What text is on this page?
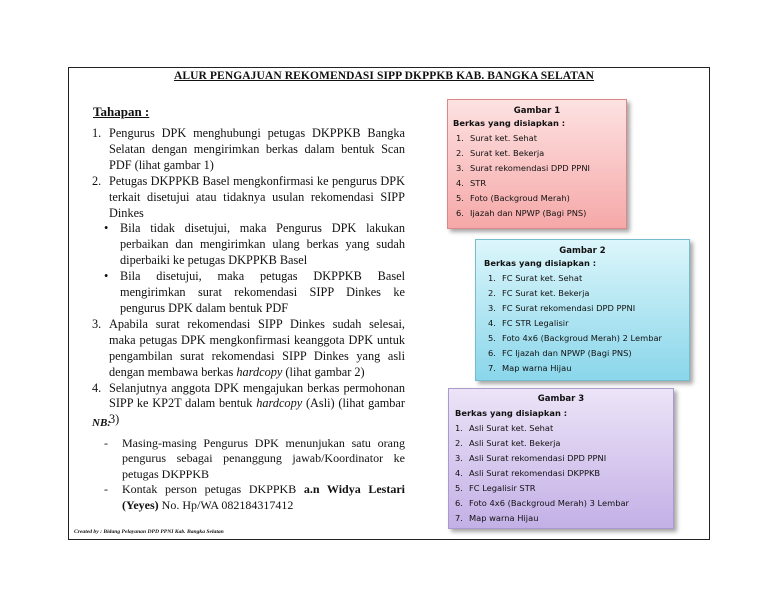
ALUR PENGAJUAN REKOMENDASI SIPP DKPPKB KAB. BANGKA SELATAN
Tahapan :
1. Pengurus DPK menghubungi petugas DKPPKB Bangka Selatan dengan mengirimkan berkas dalam bentuk Scan PDF (lihat gambar 1)
2. Petugas DKPPKB Basel mengkonfirmasi ke pengurus DPK terkait disetujui atau tidaknya usulan rekomendasi SIPP Dinkes
• Bila tidak disetujui, maka Pengurus DPK lakukan perbaikan dan mengirimkan ulang berkas yang sudah diperbaiki ke petugas DKPPKB Basel
• Bila disetujui, maka petugas DKPPKB Basel mengirimkan surat rekomendasi SIPP Dinkes ke pengurus DPK dalam bentuk PDF
3. Apabila surat rekomendasi SIPP Dinkes sudah selesai, maka petugas DPK mengkonfirmasi keanggota DPK untuk pengambilan surat rekomendasi SIPP Dinkes yang asli dengan membawa berkas hardcopy (lihat gambar 2)
4. Selanjutnya anggota DPK mengajukan berkas permohonan SIPP ke KP2T dalam bentuk hardcopy (Asli) (lihat gambar 3)
NB:
- Masing-masing Pengurus DPK menunjukan satu orang pengurus sebagai penanggung jawab/Koordinator ke petugas DKPPKB
- Kontak person petugas DKPPKB a.n Widya Lestari (Yeyes) No. Hp/WA 082184317412
Created by : Bidang Pelayanan DPD PPNI Kab. Bangka Selatan
Gambar 1
Berkas yang disiapkan :
1. Surat ket. Sehat
2. Surat ket. Bekerja
3. Surat rekomendasi DPD PPNI
4. STR
5. Foto (Backgroud Merah)
6. Ijazah dan NPWP (Bagi PNS)
Gambar 2
Berkas yang disiapkan :
1. FC Surat ket. Sehat
2. FC Surat ket. Bekerja
3. FC Surat rekomendasi DPD PPNI
4. FC STR Legalisir
5. Foto 4x6 (Backgroud Merah) 2 Lembar
6. FC Ijazah dan NPWP (Bagi PNS)
7. Map warna Hijau
Gambar 3
Berkas yang disiapkan :
1. Asli Surat ket. Sehat
2. Asli Surat ket. Bekerja
3. Asli Surat rekomendasi DPD PPNI
4. Asli Surat rekomendasi DKPPKB
5. FC Legalisir STR
6. Foto 4x6 (Backgroud Merah) 3 Lembar
7. Map warna Hijau
